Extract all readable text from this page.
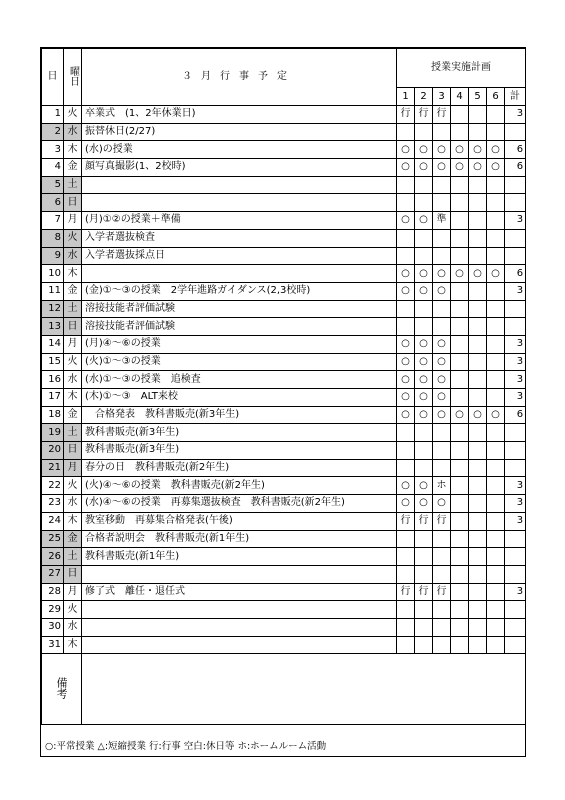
日	曜日	３月行事予定	授業実施計画						
			1	2	3	4	5	6	計
1	火	卒業式　(1、2年休業日)	行	行	行				3
2	水	振替休日(2/27)							
3	木	(水)の授業	○	○	○	○	○	○	6
4	金	顔写真撮影(1、2校時)	○	○	○	○	○	○	6
5	土								
6	日								
7	月	(月)①②の授業＋準備	○	○	準				3
8	火	入学者選抜検査							
9	水	入学者選抜採点日							
10	木		○	○	○	○	○	○	6
11	金	(金)①～③の授業　2学年進路ガイダンス(2,3校時)	○	○	○				3
12	土	溶接技能者評価試験							
13	日	溶接技能者評価試験							
14	月	(月)④～⑥の授業	○	○	○				3
15	火	(火)①～③の授業	○	○	○				3
16	水	(水)①～③の授業　追検査	○	○	○				3
17	木	(木)①～③　ALT来校	○	○	○				3
18	金	　合格発表　教科書販売(新3年生)	○	○	○	○	○	○	6
19	土	教科書販売(新3年生)							
20	日	教科書販売(新3年生)							
21	月	春分の日　教科書販売(新2年生)							
22	火	(火)④～⑥の授業　教科書販売(新2年生)	○	○	ホ				3
23	水	(水)④～⑥の授業　再募集選抜検査　教科書販売(新2年生)	○	○	○				3
24	木	教室移動　再募集合格発表(午後)	行	行	行				3
25	金	合格者説明会　教科書販売(新1年生)							
26	土	教科書販売(新1年生)							
27	日								
28	月	修了式　離任・退任式	行	行	行				3
29	火								
30	水								
31	木								
備考									
○:平常授業 △:短縮授業 行:行事 空白:休日等 ホ:ホームルーム活動
